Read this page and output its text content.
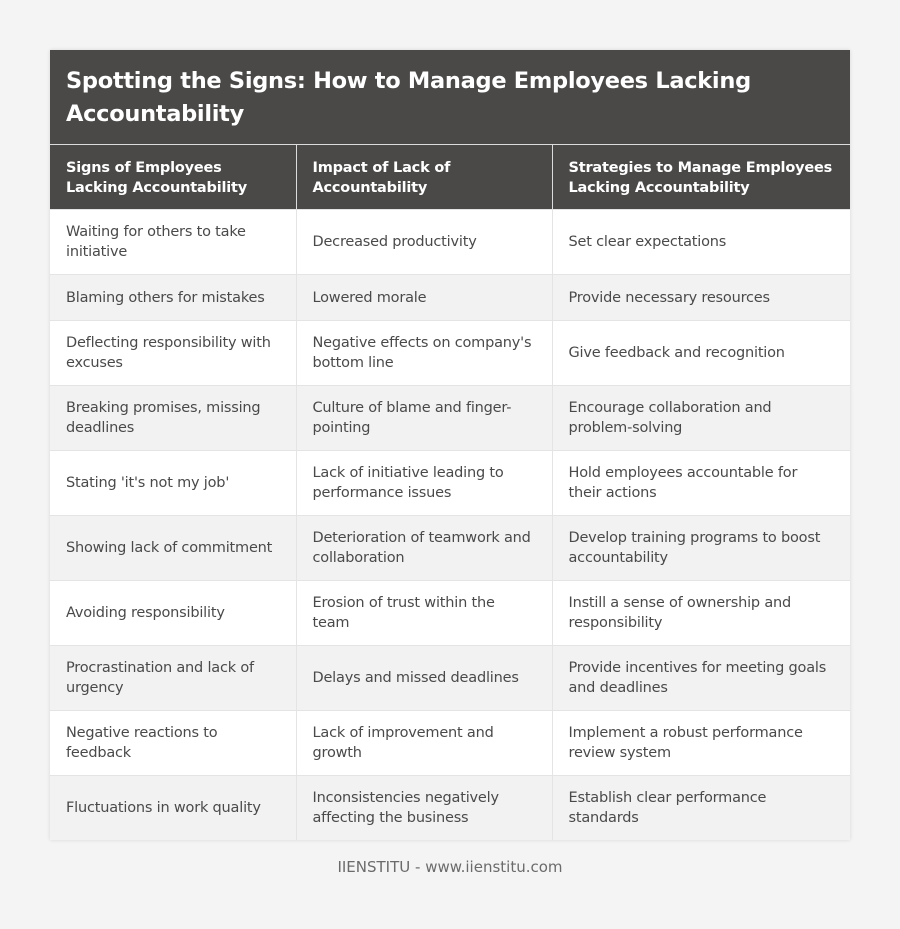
Spotting the Signs: How to Manage Employees Lacking Accountability
Signs of Employees Lacking Accountability	Impact of Lack of Accountability	Strategies to Manage Employees Lacking Accountability
Waiting for others to take initiative	Decreased productivity	Set clear expectations
Blaming others for mistakes	Lowered morale	Provide necessary resources
Deflecting responsibility with excuses	Negative effects on company's bottom line	Give feedback and recognition
Breaking promises, missing deadlines	Culture of blame and finger-pointing	Encourage collaboration and problem-solving
Stating 'it's not my job'	Lack of initiative leading to performance issues	Hold employees accountable for their actions
Showing lack of commitment	Deterioration of teamwork and collaboration	Develop training programs to boost accountability
Avoiding responsibility	Erosion of trust within the team	Instill a sense of ownership and responsibility
Procrastination and lack of urgency	Delays and missed deadlines	Provide incentives for meeting goals and deadlines
Negative reactions to feedback	Lack of improvement and growth	Implement a robust performance review system
Fluctuations in work quality	Inconsistencies negatively affecting the business	Establish clear performance standards
IIENSTITU - www.iienstitu.com
